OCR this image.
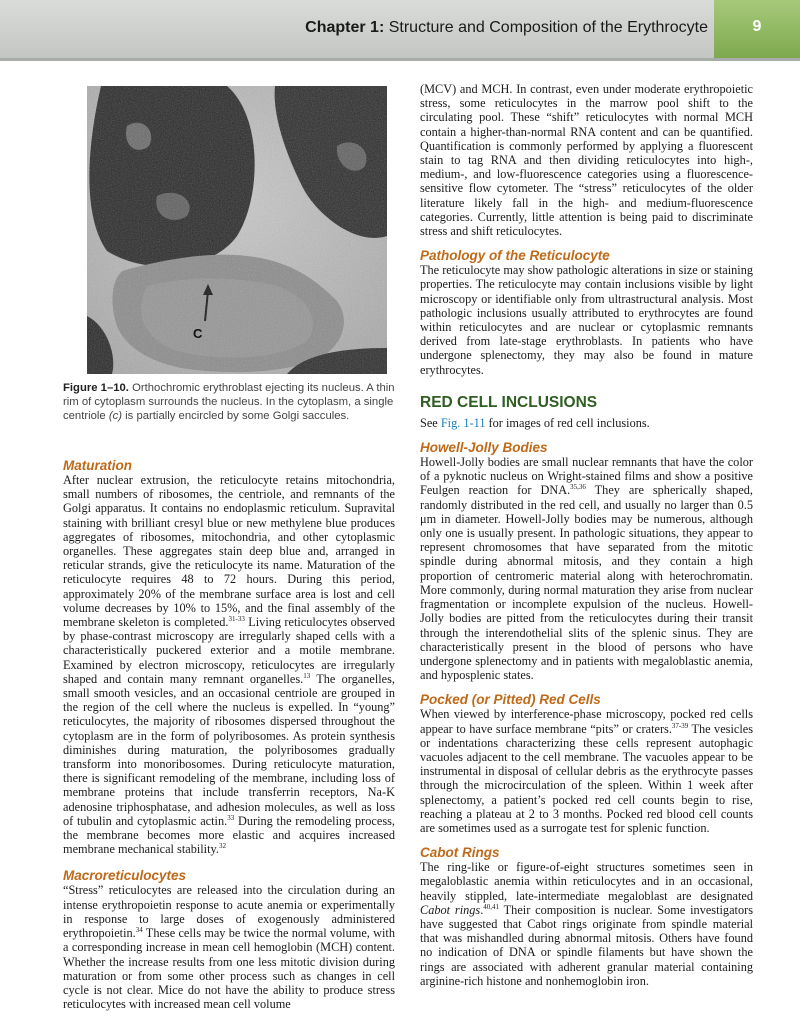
Chapter 1: Structure and Composition of the Erythrocyte	9
C
Figure 1–10. Orthochromic erythroblast ejecting its nucleus. A thin rim of cytoplasm surrounds the nucleus. In the cytoplasm, a single centriole (c) is partially encircled by some Golgi saccules.
Maturation

After nuclear extrusion, the reticulocyte retains mitochondria, small numbers of ribosomes, the centriole, and remnants of the Golgi apparatus. It contains no endoplasmic reticulum. Supravital staining with brilliant cresyl blue or new methylene blue produces aggregates of ribosomes, mitochondria, and other cytoplasmic organelles. These aggregates stain deep blue and, arranged in reticular strands, give the reticulocyte its name. Maturation of the reticulocyte requires 48 to 72 hours. During this period, approximately 20% of the membrane surface area is lost and cell volume decreases by 10% to 15%, and the final assembly of the membrane skeleton is completed.$^{31-33}$ Living reticulocytes observed by phase-contrast microscopy are irregularly shaped cells with a characteristically puckered exterior and a motile membrane. Examined by electron microscopy, reticulocytes are irregularly shaped and contain many remnant organelles.$^{13}$ The organelles, small smooth vesicles, and an occasional centriole are grouped in the region of the cell where the nucleus is expelled. In “young” reticulocytes, the majority of ribosomes dispersed throughout the cytoplasm are in the form of polyribosomes. As protein synthesis diminishes during maturation, the polyribosomes gradually transform into monoribosomes. During reticulocyte maturation, there is significant remodeling of the membrane, including loss of membrane proteins that include transferrin receptors, Na-K adenosine triphosphatase, and adhesion molecules, as well as loss of tubulin and cytoplasmic actin.$^{33}$ During the remodeling process, the membrane becomes more elastic and acquires increased membrane mechanical stability.$^{32}$

Macroreticulocytes

“Stress” reticulocytes are released into the circulation during an intense erythropoietin response to acute anemia or experimentally in response to large doses of exogenously administered erythropoietin.$^{34}$ These cells may be twice the normal volume, with a corresponding increase in mean cell hemoglobin (MCH) content. Whether the increase results from one less mitotic division during maturation or from some other process such as changes in cell cycle is not clear. Mice do not have the ability to produce stress reticulocytes with increased mean cell volume

(MCV) and MCH. In contrast, even under moderate erythropoietic stress, some reticulocytes in the marrow pool shift to the circulating pool. These “shift” reticulocytes with normal MCH contain a higher-than-normal RNA content and can be quantified. Quantification is commonly performed by applying a fluorescent stain to tag RNA and then dividing reticulocytes into high-, medium-, and low-fluorescence categories using a fluorescence-sensitive flow cytometer. The “stress” reticulocytes of the older literature likely fall in the high- and medium-fluorescence categories. Currently, little attention is being paid to discriminate stress and shift reticulocytes.

Pathology of the Reticulocyte

The reticulocyte may show pathologic alterations in size or staining properties. The reticulocyte may contain inclusions visible by light microscopy or identifiable only from ultrastructural analysis. Most pathologic inclusions usually attributed to erythrocytes are found within reticulocytes and are nuclear or cytoplasmic remnants derived from late-stage erythroblasts. In patients who have undergone splenectomy, they may also be found in mature erythrocytes.

RED CELL INCLUSIONS

See Fig. 1-11 for images of red cell inclusions.

Howell-Jolly Bodies

Howell-Jolly bodies are small nuclear remnants that have the color of a pyknotic nucleus on Wright-stained films and show a positive Feulgen reaction for DNA.$^{35,36}$ They are spherically shaped, randomly distributed in the red cell, and usually no larger than 0.5 μm in diameter. Howell-Jolly bodies may be numerous, although only one is usually present. In pathologic situations, they appear to represent chromosomes that have separated from the mitotic spindle during abnormal mitosis, and they contain a high proportion of centromeric material along with heterochromatin. More commonly, during normal maturation they arise from nuclear fragmentation or incomplete expulsion of the nucleus. Howell-Jolly bodies are pitted from the reticulocytes during their transit through the interendothelial slits of the splenic sinus. They are characteristically present in the blood of persons who have undergone splenectomy and in patients with megaloblastic anemia, and hyposplenic states.

Pocked (or Pitted) Red Cells

When viewed by interference-phase microscopy, pocked red cells appear to have surface membrane “pits” or craters.$^{37-39}$ The vesicles or indentations characterizing these cells represent autophagic vacuoles adjacent to the cell membrane. The vacuoles appear to be instrumental in disposal of cellular debris as the erythrocyte passes through the microcirculation of the spleen. Within 1 week after splenectomy, a patient’s pocked red cell counts begin to rise, reaching a plateau at 2 to 3 months. Pocked red blood cell counts are sometimes used as a surrogate test for splenic function.

Cabot Rings

The ring-like or figure-of-eight structures sometimes seen in megaloblastic anemia within reticulocytes and in an occasional, heavily stippled, late-intermediate megaloblast are designated Cabot rings.$^{40,41}$ Their composition is nuclear. Some investigators have suggested that Cabot rings originate from spindle material that was mishandled during abnormal mitosis. Others have found no indication of DNA or spindle filaments but have shown the rings are associated with adherent granular material containing arginine-rich histone and nonhemoglobin iron.
